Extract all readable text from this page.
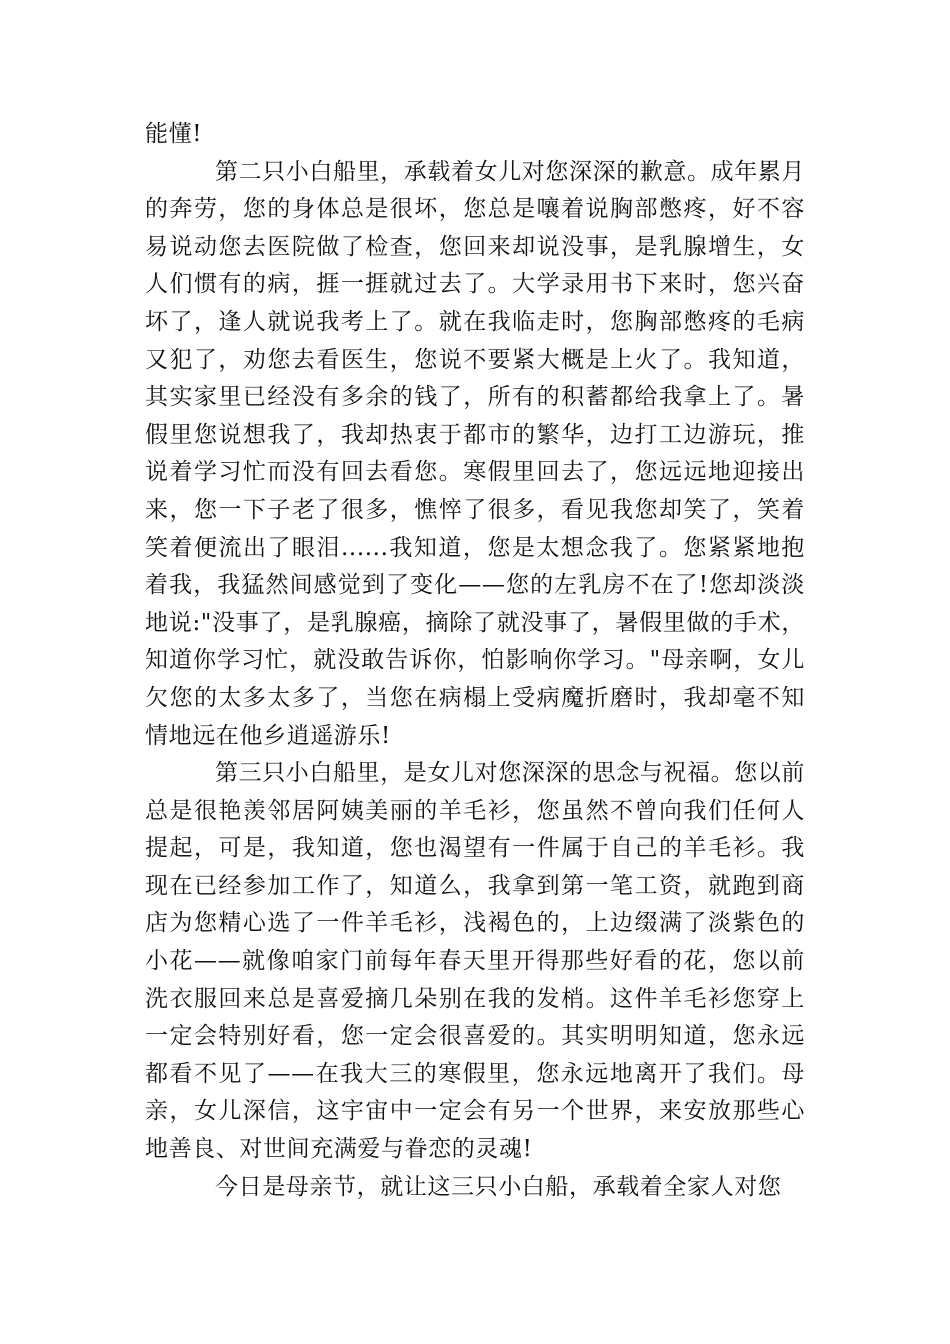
能懂!

第二只小白船里，承载着女儿对您深深的歉意。成年累月的奔劳，您的身体总是很坏，您总是嚷着说胸部憋疼，好不容易说动您去医院做了检查，您回来却说没事，是乳腺增生，女人们惯有的病，捱一捱就过去了。大学录用书下来时，您兴奋坏了，逢人就说我考上了。就在我临走时，您胸部憋疼的毛病又犯了，劝您去看医生，您说不要紧大概是上火了。我知道，其实家里已经没有多余的钱了，所有的积蓄都给我拿上了。暑假里您说想我了，我却热衷于都市的繁华，边打工边游玩，推说着学习忙而没有回去看您。寒假里回去了，您远远地迎接出来，您一下子老了很多，憔悴了很多，看见我您却笑了，笑着笑着便流出了眼泪......我知道，您是太想念我了。您紧紧地抱着我，我猛然间感觉到了变化——您的左乳房不在了!您却淡淡地说:"没事了，是乳腺癌，摘除了就没事了，暑假里做的手术，知道你学习忙，就没敢告诉你，怕影响你学习。"母亲啊，女儿欠您的太多太多了，当您在病榻上受病魔折磨时，我却毫不知情地远在他乡逍遥游乐!

第三只小白船里，是女儿对您深深的思念与祝福。您以前总是很艳羡邻居阿姨美丽的羊毛衫，您虽然不曾向我们任何人提起，可是，我知道，您也渴望有一件属于自己的羊毛衫。我现在已经参加工作了，知道么，我拿到第一笔工资，就跑到商店为您精心选了一件羊毛衫，浅褐色的，上边缀满了淡紫色的小花——就像咱家门前每年春天里开得那些好看的花，您以前洗衣服回来总是喜爱摘几朵别在我的发梢。这件羊毛衫您穿上一定会特别好看，您一定会很喜爱的。其实明明知道，您永远都看不见了——在我大三的寒假里，您永远地离开了我们。母亲，女儿深信，这宇宙中一定会有另一个世界，来安放那些心地善良、对世间充满爱与眷恋的灵魂!

今日是母亲节，就让这三只小白船，承载着全家人对您
